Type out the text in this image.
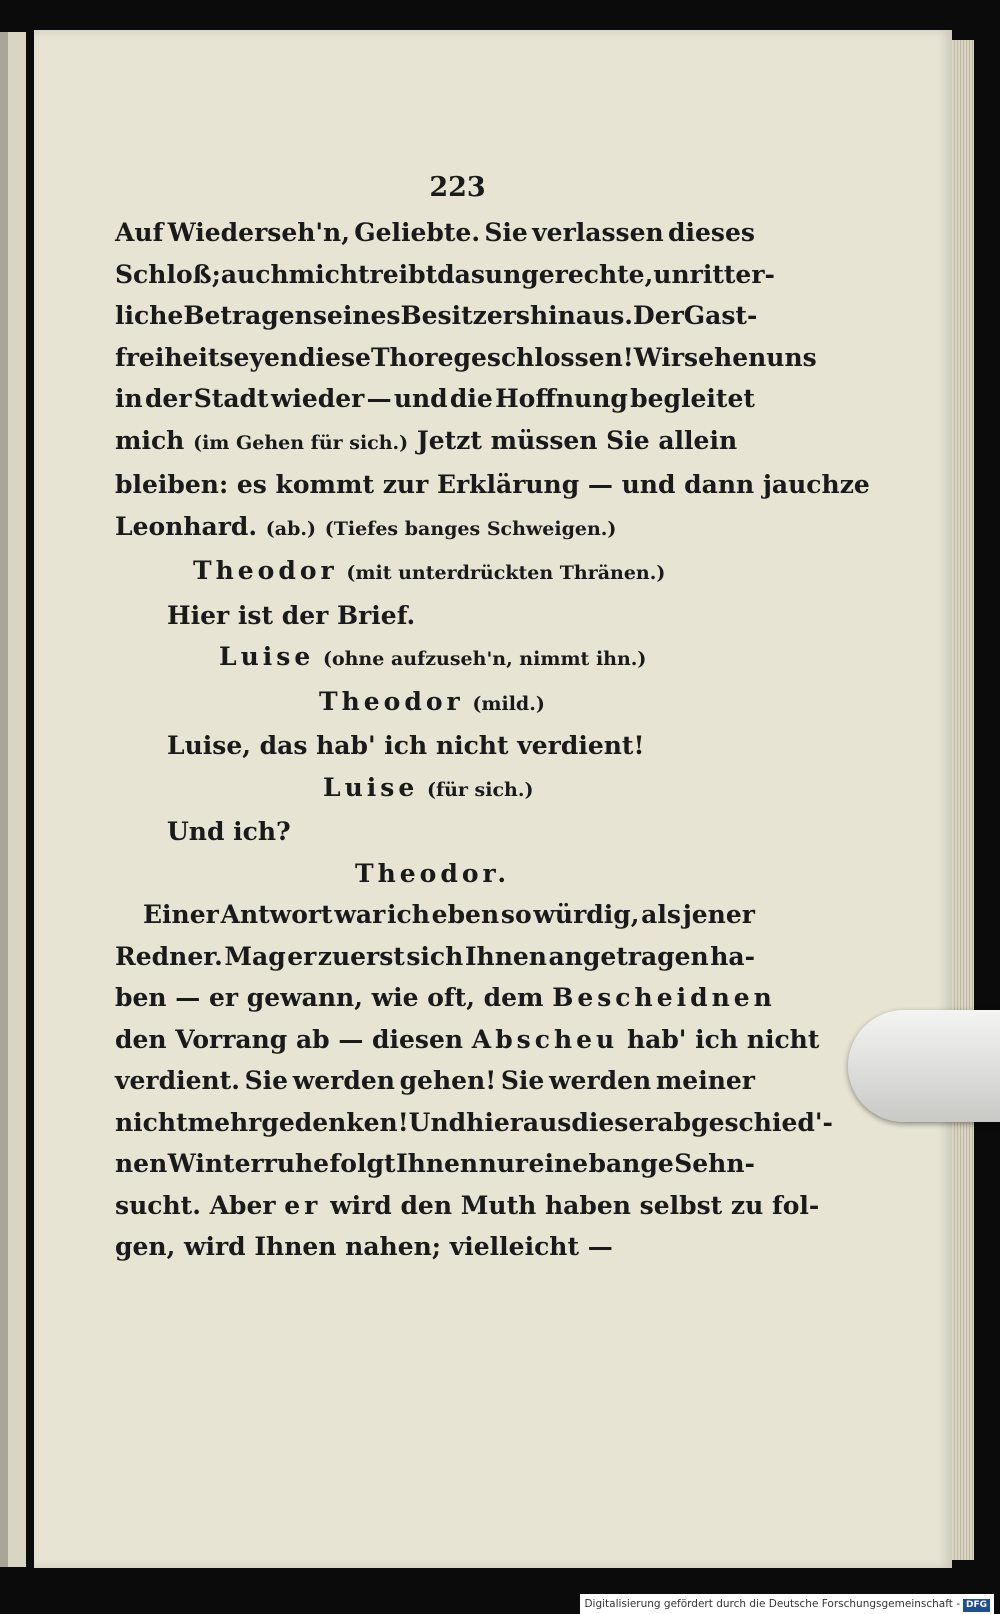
223
Auf Wiederseh'n, Geliebte. Sie verlassen dieses
Schloß; auch mich treibt das ungerechte, unritter-
liche Betragen seines Besitzers hinaus. Der Gast-
freiheit seyen diese Thore geschlossen! Wir sehen uns
in der Stadt wieder — und die Hoffnung begleitet
mich (im Gehen für sich.) Jetzt müssen Sie allein
bleiben: es kommt zur Erklärung — und dann jauchze
Leonhard. (ab.) (Tiefes banges Schweigen.)
Theodor (mit unterdrückten Thränen.)
Hier ist der Brief.
Luise (ohne aufzuseh'n, nimmt ihn.)
Theodor (mild.)
Luise, das hab' ich nicht verdient!
Luise (für sich.)
Und ich?
Theodor.
Einer Antwort war ich eben so würdig, als jener
Redner. Mag er zuerst sich Ihnen angetragen ha-
ben — er gewann, wie oft, dem Bescheidnen
den Vorrang ab — diesen Abscheu hab' ich nicht
verdient. Sie werden gehen! Sie werden meiner
nicht mehr gedenken! Und hier aus dieser abgeschied'-
nen Winterruhe folgt Ihnen nur eine bange Sehn-
sucht. Aber er wird den Muth haben selbst zu fol-
gen, wird Ihnen nahen; vielleicht —
Digitalisierung gefördert durch die Deutsche Forschungsgemeinschaft - DFG
